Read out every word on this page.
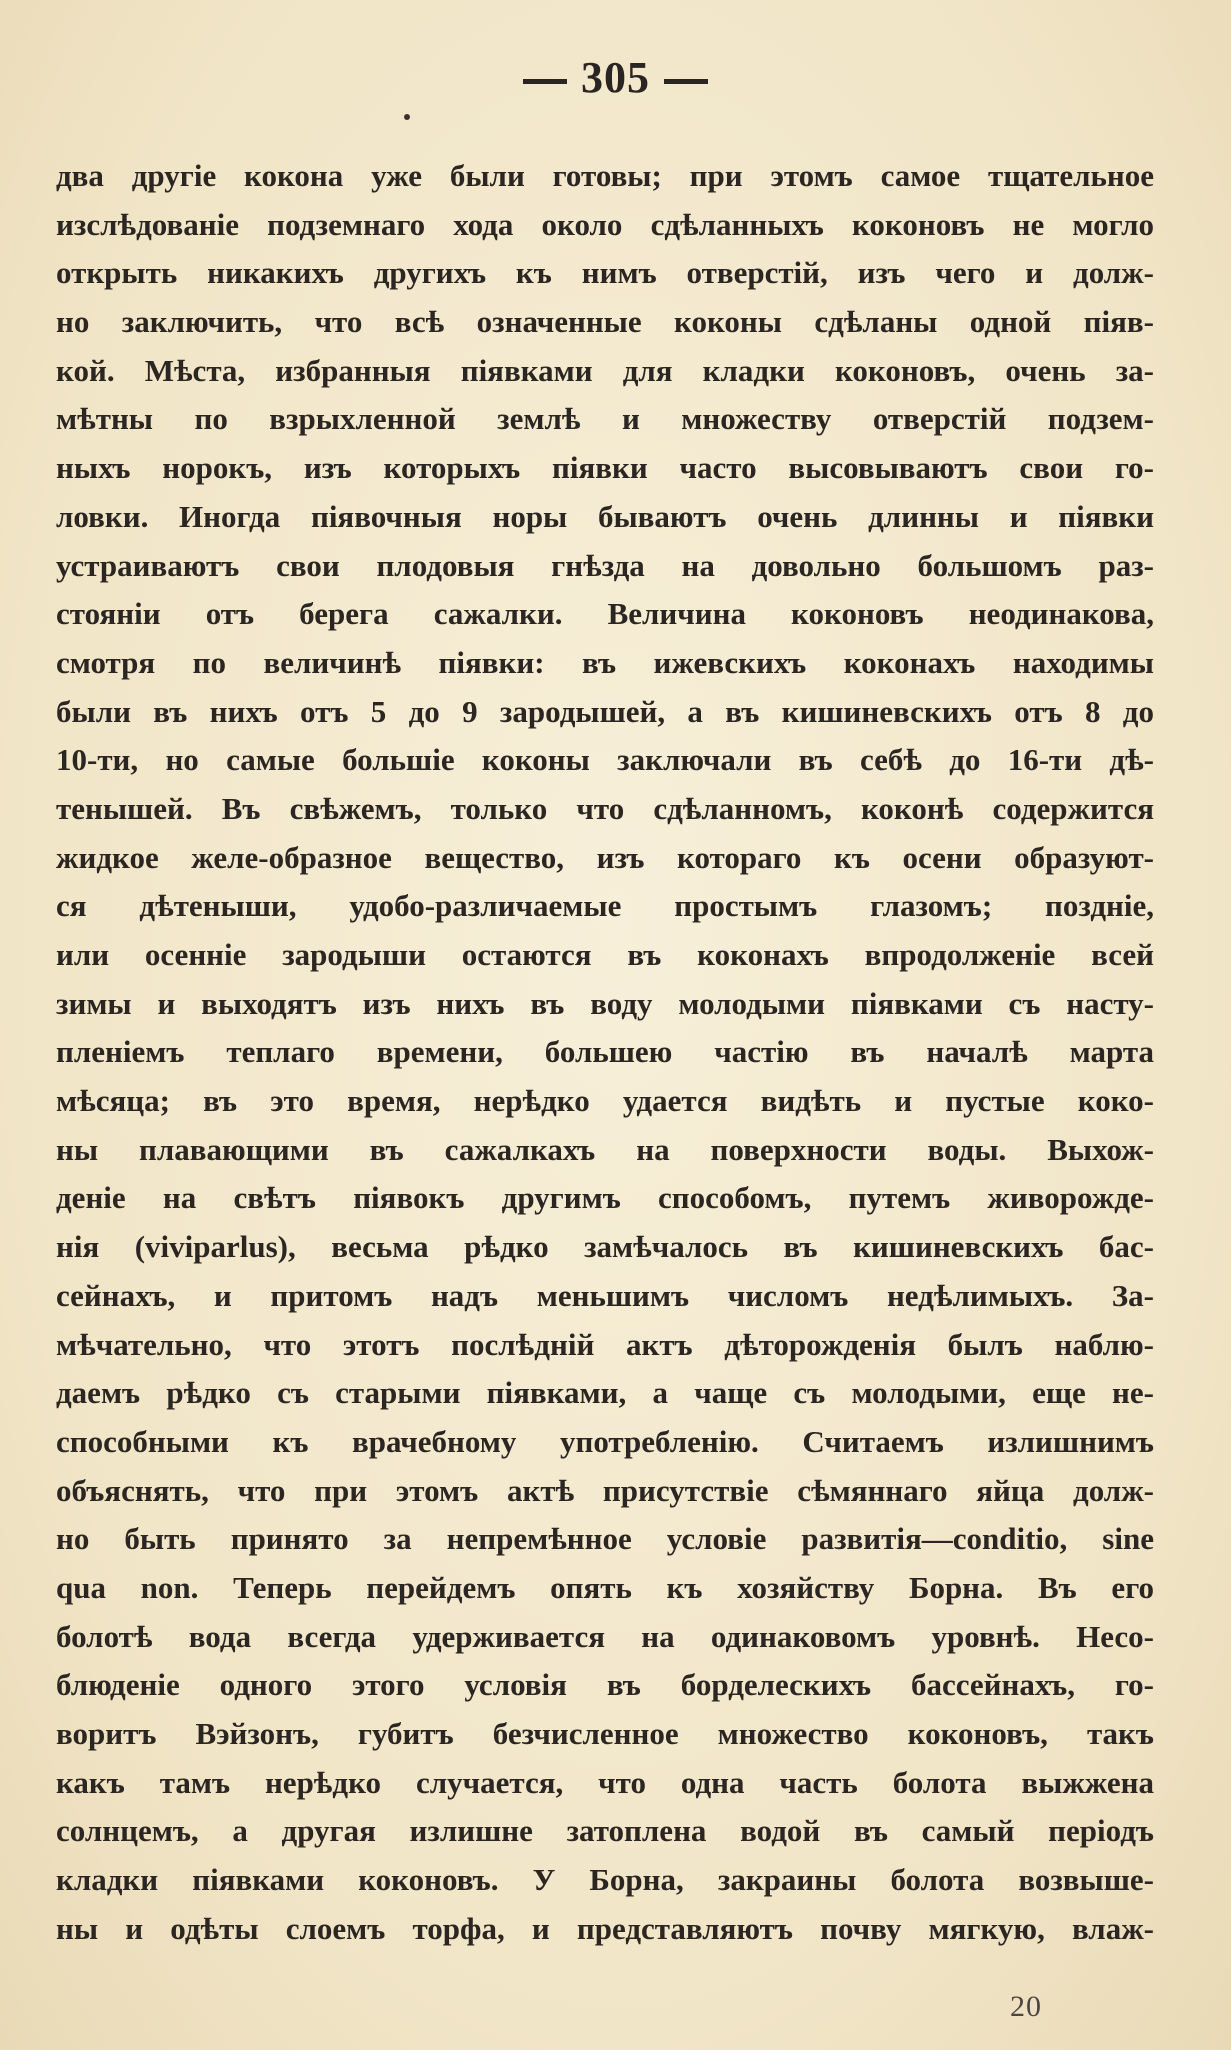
305
два другіе кокона уже были готовы; при этомъ самое тщательное
изслѣдованіе подземнаго хода около сдѣланныхъ коконовъ не могло
открыть никакихъ другихъ къ нимъ отверстій, изъ чего и долж-
но заключить, что всѣ означенные коконы сдѣланы одной піяв-
кой. Мѣста, избранныя піявками для кладки коконовъ, очень за-
мѣтны по взрыхленной землѣ и множеству отверстій подзем-
ныхъ норокъ, изъ которыхъ піявки часто высовываютъ свои го-
ловки. Иногда піявочныя норы бываютъ очень длинны и піявки
устраиваютъ свои плодовыя гнѣзда на довольно большомъ раз-
стояніи отъ берега сажалки. Величина коконовъ неодинакова,
смотря по величинѣ піявки: въ ижевскихъ коконахъ находимы
были въ нихъ отъ 5 до 9 зародышей, а въ кишиневскихъ отъ 8 до
10-ти, но самые большіе коконы заключали въ себѣ до 16-ти дѣ-
тенышей. Въ свѣжемъ, только что сдѣланномъ, коконѣ содержится
жидкое желе-образное вещество, изъ котораго къ осени образуют-
ся дѣтеныши, удобо-различаемые простымъ глазомъ; поздніе,
или осенніе зародыши остаются въ коконахъ впродолженіе всей
зимы и выходятъ изъ нихъ въ воду молодыми піявками съ насту-
пленіемъ теплаго времени, большею частію въ началѣ марта
мѣсяца; въ это время, нерѣдко удается видѣть и пустые коко-
ны плавающими въ сажалкахъ на поверхности воды. Выхож-
деніе на свѣтъ піявокъ другимъ способомъ, путемъ живорожде-
нія (viviparlus), весьма рѣдко замѣчалось въ кишиневскихъ бас-
сейнахъ, и притомъ надъ меньшимъ числомъ недѣлимыхъ. За-
мѣчательно, что этотъ послѣдній актъ дѣторожденія былъ наблю-
даемъ рѣдко съ старыми піявками, а чаще съ молодыми, еще не-
способными къ врачебному употребленію. Считаемъ излишнимъ
объяснять, что при этомъ актѣ присутствіе сѣмяннаго яйца долж-
но быть принято за непремѣнное условіе развитія—conditio, sine
qua non. Теперь перейдемъ опять къ хозяйству Борна. Въ его
болотѣ вода всегда удерживается на одинаковомъ уровнѣ. Несо-
блюденіе одного этого условія въ борделескихъ бассейнахъ, го-
воритъ Вэйзонъ, губитъ безчисленное множество коконовъ, такъ
какъ тамъ нерѣдко случается, что одна часть болота выжжена
солнцемъ, а другая излишне затоплена водой въ самый періодъ
кладки піявками коконовъ. У Борна, закраины болота возвыше-
ны и одѣты слоемъ торфа, и представляютъ почву мягкую, влаж-
20
